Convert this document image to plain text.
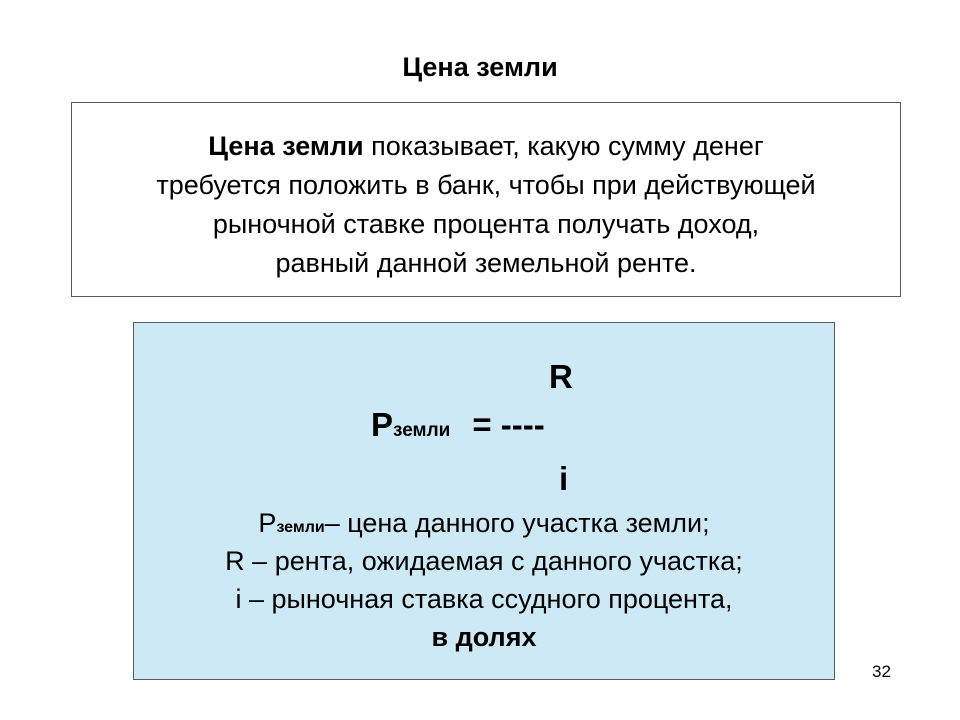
Цена земли
Цена земли показывает, какую сумму денег
требуется положить в банк, чтобы при действующей
рыночной ставке процента получать доход,
равный данной земельной ренте.
R
Pземли = ----
i
Pземли– цена данного участка земли;
R – рента, ожидаемая с данного участка;
i – рыночная ставка ссудного процента,
в долях
32
